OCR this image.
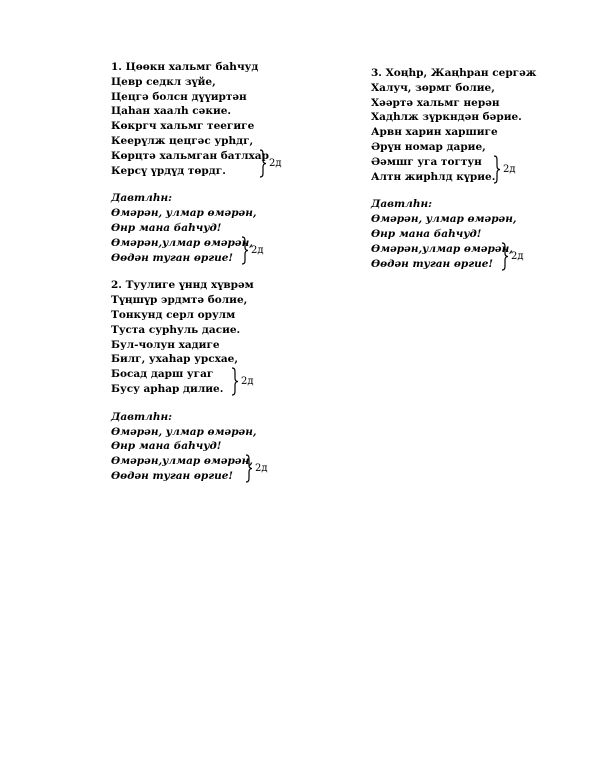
1. Цөөкн хальмг баһчуд
Цевр седкл зүйе,
Цецгә болсн дүүиртән
Цаһан хаалһ сәкие.
Көкргч хальмг теегиге
Кеерүлж цецгәс урһдг,
Көрцтә хальмган батлхар
Керсү үрдүд төрдг.
2д
Давтлһн:
Өмәрән, улмар өмәрән,
Өнр мана баһчуд!
Өмәрән,улмар өмәрән,
Өөдән туган өргие!
2д
2. Туулиге үннд хүврәм
Түңшүр эрдмтә болие,
Тонкунд серл орулм
Туста сурһуль дасие.
Бул-чолун хадиге
Билг, ухаһар урсхае,
Босад дарш угаг
Бусу арһар дилие.
2д
Давтлһн:
Өмәрән, улмар өмәрән,
Өнр мана баһчуд!
Өмәрән,улмар өмәрән,
Өөдән туган өргие!
2д
3. Хоңһр, Жаңһран сергәж
Халуч, зөрмг болие,
Хәәртә хальмг нерән
Хадһлж зүркндән бәрие.
Арвн харин харшиге
Әрүн номар дарие,
Әәмшг уга тогтун
Алтн жирһлд күрие.
2д
Давтлһн:
Өмәрән, улмар өмәрән,
Өнр мана баһчуд!
Өмәрән,улмар өмәрән,
Өөдән туган өргие!
2д
